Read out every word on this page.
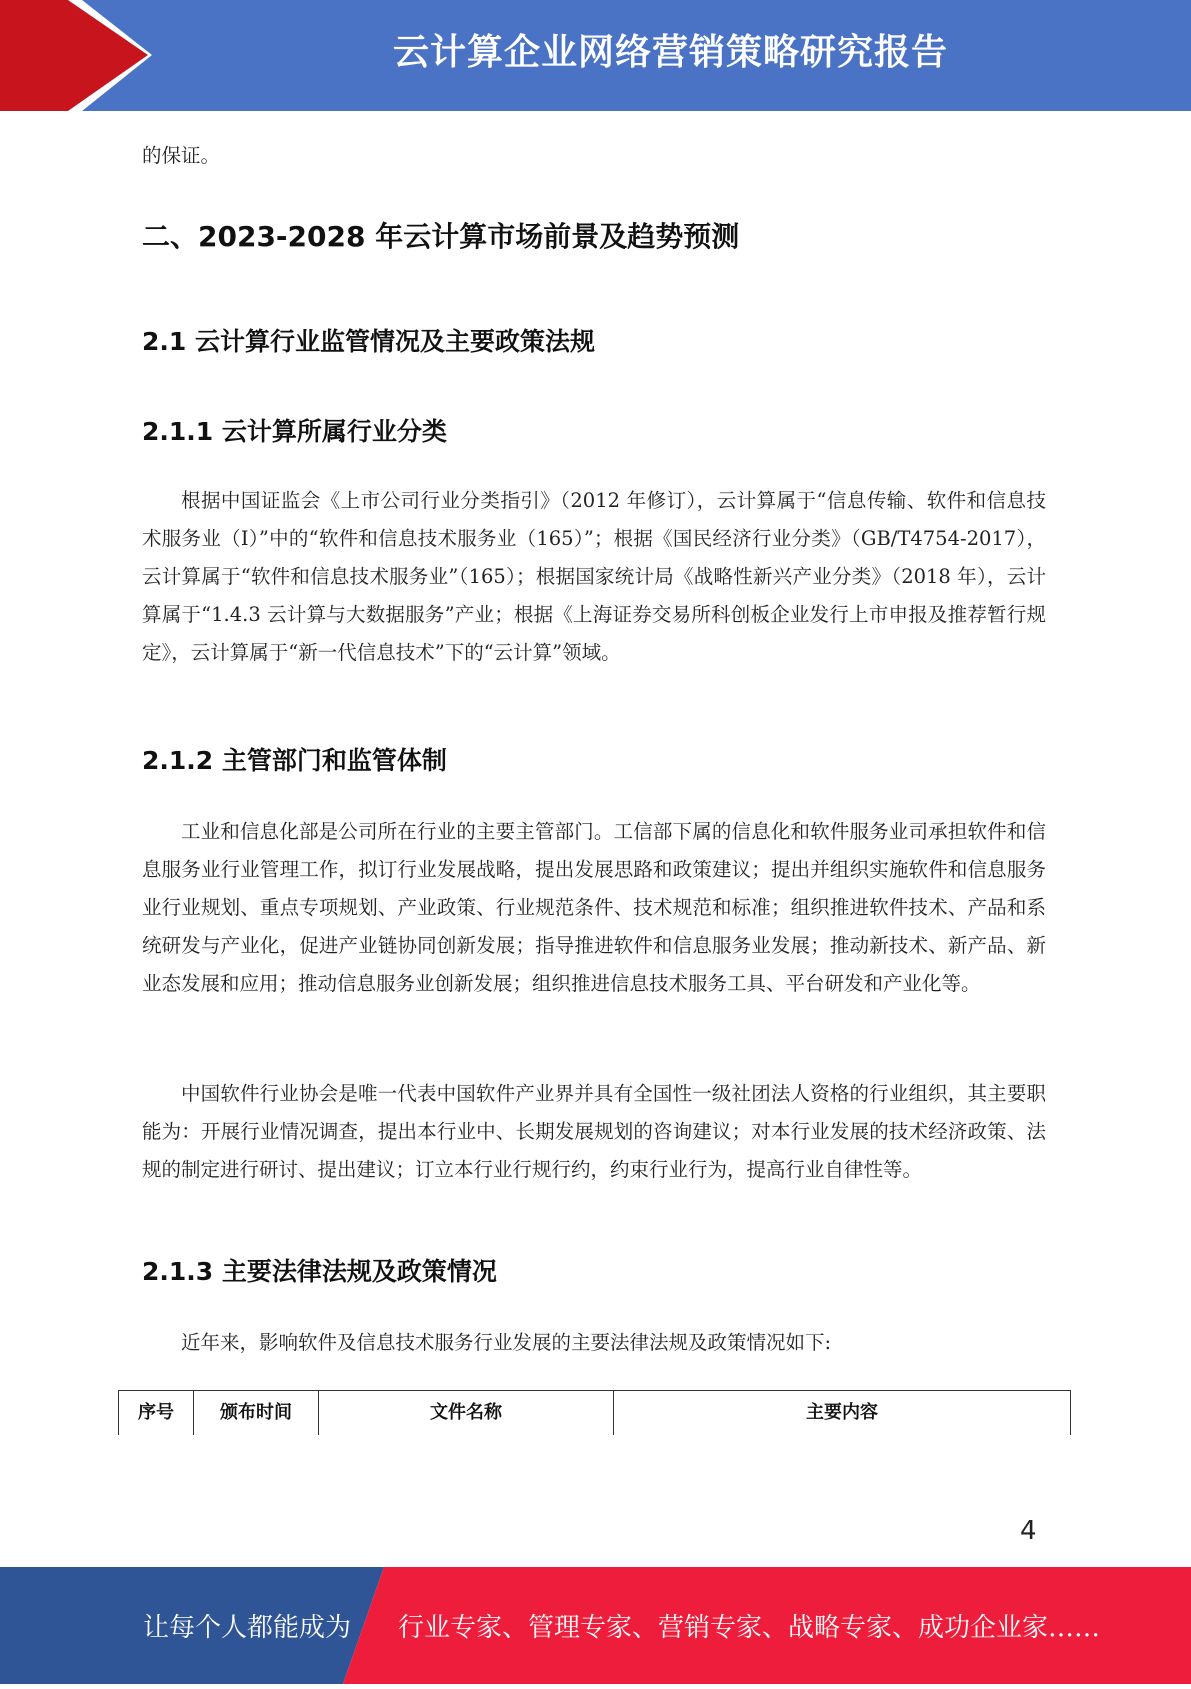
云计算企业网络营销策略研究报告

的保证。

二、2023-2028 年云计算市场前景及趋势预测
2.1 云计算行业监管情况及主要政策法规
2.1.1 云计算所属行业分类

根据中国证监会《上市公司行业分类指引》（2012 年修订），云计算属于“信息传输、软件和信息技术服务业（I）”中的“软件和信息技术服务业（165）”；根据《国民经济行业分类》（GB/T4754-2017）， 云计算属于“软件和信息技术服务业”（165）；根据国家统计局《战略性新兴产业分类》（2018 年），云计算属于“1.4.3 云计算与大数据服务”产业；根据《上海证券交易所科创板企业发行上市申报及推荐暂行规定》，云计算属于“新一代信息技术”下的“云计算”领域。

2.1.2 主管部门和监管体制

工业和信息化部是公司所在行业的主要主管部门。工信部下属的信息化和软件服务业司承担软件和信息服务业行业管理工作，拟订行业发展战略，提出发展思路和政策建议；提出并组织实施软件和信息服务业行业规划、重点专项规划、产业政策、行业规范条件、技术规范和标准；组织推进软件技术、产品和系统研发与产业化，促进产业链协同创新发展；指导推进软件和信息服务业发展；推动新技术、新产品、新业态发展和应用；推动信息服务业创新发展；组织推进信息技术服务工具、平台研发和产业化等。

中国软件行业协会是唯一代表中国软件产业界并具有全国性一级社团法人资格的行业组织，其主要职能为：开展行业情况调查，提出本行业中、长期发展规划的咨询建议；对本行业发展的技术经济政策、法规的制定进行研讨、提出建议；订立本行业行规行约，约束行业行为，提高行业自律性等。

2.1.3 主要法律法规及政策情况

近年来，影响软件及信息技术服务行业发展的主要法律法规及政策情况如下:

序号	颁布时间	文件名称	主要内容
4
让每个人都能成为 行业专家、管理专家、营销专家、战略专家、成功企业家……
